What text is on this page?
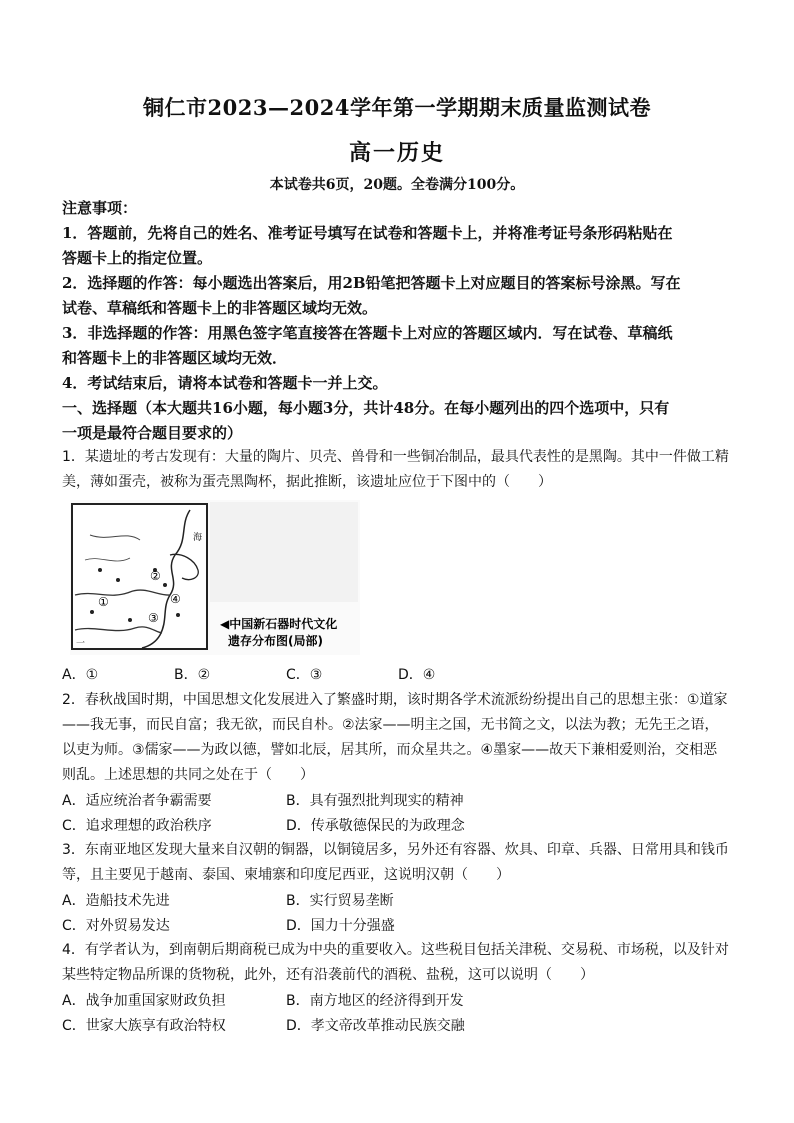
铜仁市2023—2024学年第一学期期末质量监测试卷
高一历史
本试卷共6页，20题。全卷满分100分。
注意事项：
1．答题前，先将自己的姓名、准考证号填写在试卷和答题卡上，并将准考证号条形码粘贴在
答题卡上的指定位置。
2．选择题的作答：每小题选出答案后，用2B铅笔把答题卡上对应题目的答案标号涂黑。写在
试卷、草稿纸和答题卡上的非答题区域均无效。
3．非选择题的作答：用黑色签字笔直接答在答题卡上对应的答题区域内．写在试卷、草稿纸
和答题卡上的非答题区域均无效．
4．考试结束后，请将本试卷和答题卡一并上交。
一、选择题（本大题共16小题，每小题3分，共计48分。在每小题列出的四个选项中，只有
一项是最符合题目要求的）
1．某遗址的考古发现有：大量的陶片、贝壳、兽骨和一些铜冶制品，最具代表性的是黑陶。其中一件做工精
美，薄如蛋壳，被称为蛋壳黑陶杯，据此推断，该遗址应位于下图中的（　　）
①
②
③
④
海
一
◀中国新石器时代文化
遗存分布图(局部)
A．①	B．②	C．③	D．④
2．春秋战国时期，中国思想文化发展进入了繁盛时期，该时期各学术流派纷纷提出自己的思想主张：①道家
——我无事，而民自富；我无欲，而民自朴。②法家——明主之国，无书简之文，以法为教；无先王之语，
以吏为师。③儒家——为政以德，譬如北辰，居其所，而众星共之。④墨家——故天下兼相爱则治，交相恶
则乱。上述思想的共同之处在于（　　）
A．适应统治者争霸需要	B．具有强烈批判现实的精神
C．追求理想的政治秩序	D．传承敬德保民的为政理念
3．东南亚地区发现大量来自汉朝的铜器，以铜镜居多，另外还有容器、炊具、印章、兵器、日常用具和钱币
等，且主要见于越南、泰国、柬埔寨和印度尼西亚，这说明汉朝（　　）
A．造船技术先进	B．实行贸易垄断
C．对外贸易发达	D．国力十分强盛
4．有学者认为，到南朝后期商税已成为中央的重要收入。这些税目包括关津税、交易税、市场税，以及针对
某些特定物品所课的货物税，此外，还有沿袭前代的酒税、盐税，这可以说明（　　）
A．战争加重国家财政负担	B．南方地区的经济得到开发
C．世家大族享有政治特权	D．孝文帝改革推动民族交融
